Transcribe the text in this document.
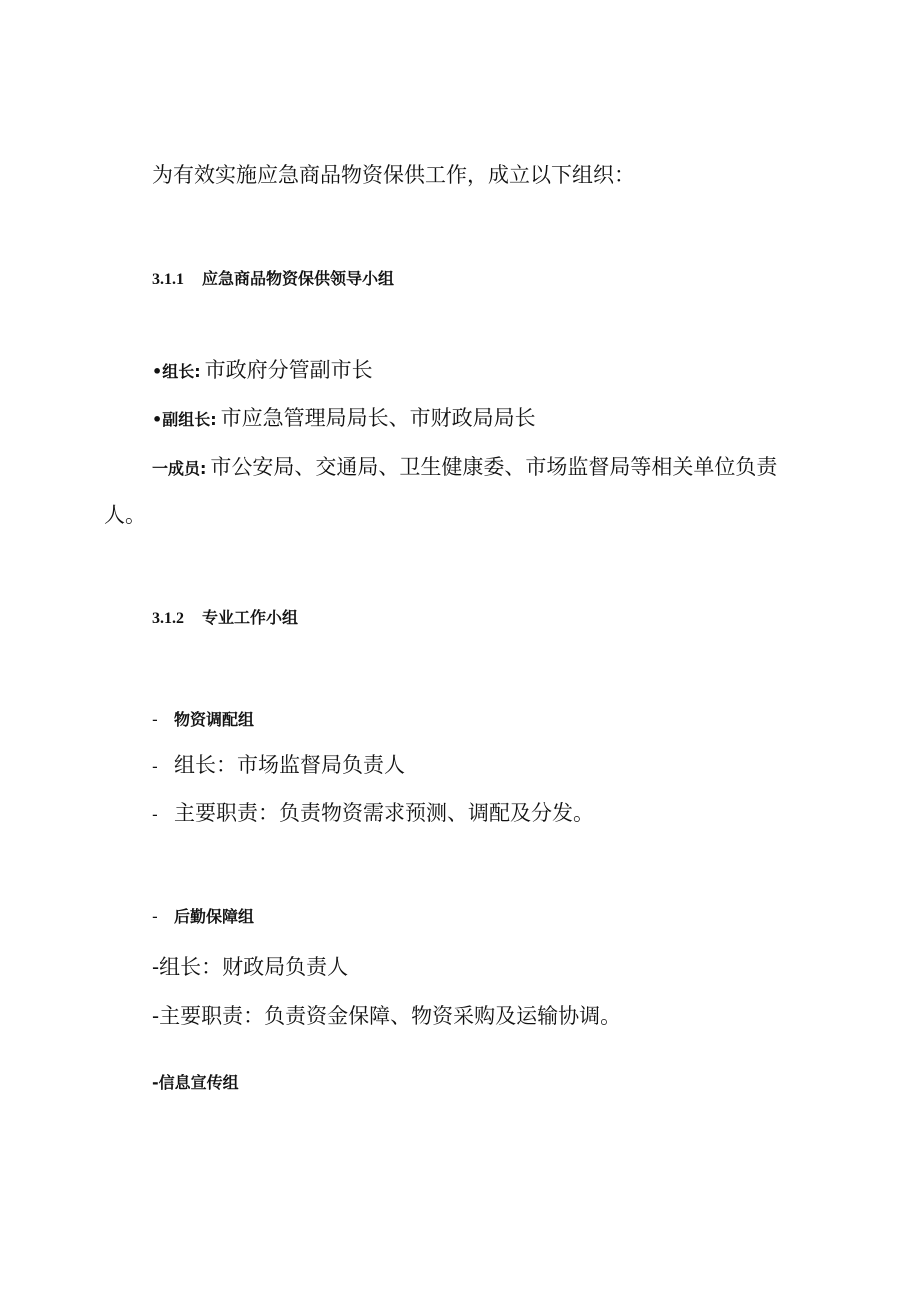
为有效实施应急商品物资保供工作，成立以下组织：
3.1.1 应急商品物资保供领导小组
•组长: 市政府分管副市长
•副组长: 市应急管理局局长、市财政局局长
一成员: 市公安局、交通局、卫生健康委、市场监督局等相关单位负责
人。
3.1.2 专业工作小组
- 物资调配组
- 组长：市场监督局负责人
- 主要职责：负责物资需求预测、调配及分发。
- 后勤保障组
-组长：财政局负责人
-主要职责：负责资金保障、物资采购及运输协调。
-信息宣传组
